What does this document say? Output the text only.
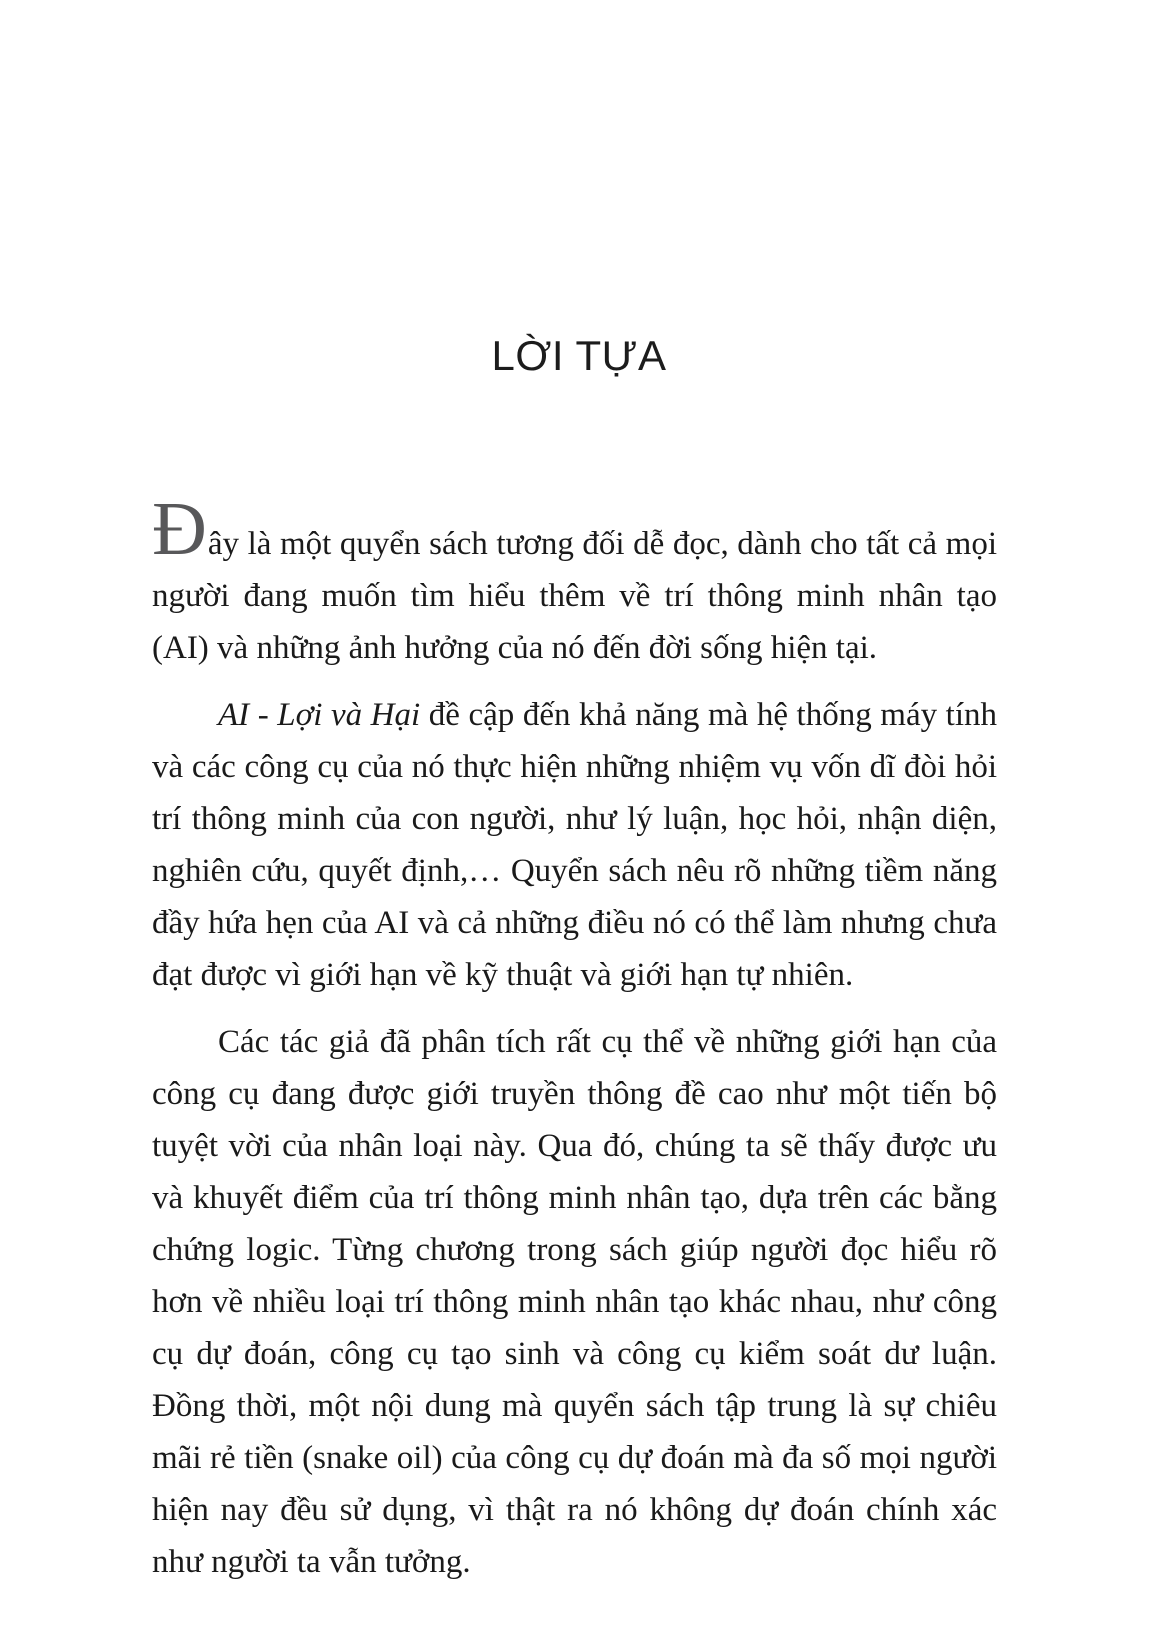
LỜI TỰA

Đây là một quyển sách tương đối dễ đọc, dành cho tất cả mọi người đang muốn tìm hiểu thêm về trí thông minh nhân tạo (AI) và những ảnh hưởng của nó đến đời sống hiện tại.

AI - Lợi và Hại đề cập đến khả năng mà hệ thống máy tính và các công cụ của nó thực hiện những nhiệm vụ vốn dĩ đòi hỏi trí thông minh của con người, như lý luận, học hỏi, nhận diện, nghiên cứu, quyết định,… Quyển sách nêu rõ những tiềm năng đầy hứa hẹn của AI và cả những điều nó có thể làm nhưng chưa đạt được vì giới hạn về kỹ thuật và giới hạn tự nhiên.

Các tác giả đã phân tích rất cụ thể về những giới hạn của công cụ đang được giới truyền thông đề cao như một tiến bộ tuyệt vời của nhân loại này. Qua đó, chúng ta sẽ thấy được ưu và khuyết điểm của trí thông minh nhân tạo, dựa trên các bằng chứng logic. Từng chương trong sách giúp người đọc hiểu rõ hơn về nhiều loại trí thông minh nhân tạo khác nhau, như công cụ dự đoán, công cụ tạo sinh và công cụ kiểm soát dư luận. Đồng thời, một nội dung mà quyển sách tập trung là sự chiêu mãi rẻ tiền (snake oil) của công cụ dự đoán mà đa số mọi người hiện nay đều sử dụng, vì thật ra nó không dự đoán chính xác như người ta vẫn tưởng.
